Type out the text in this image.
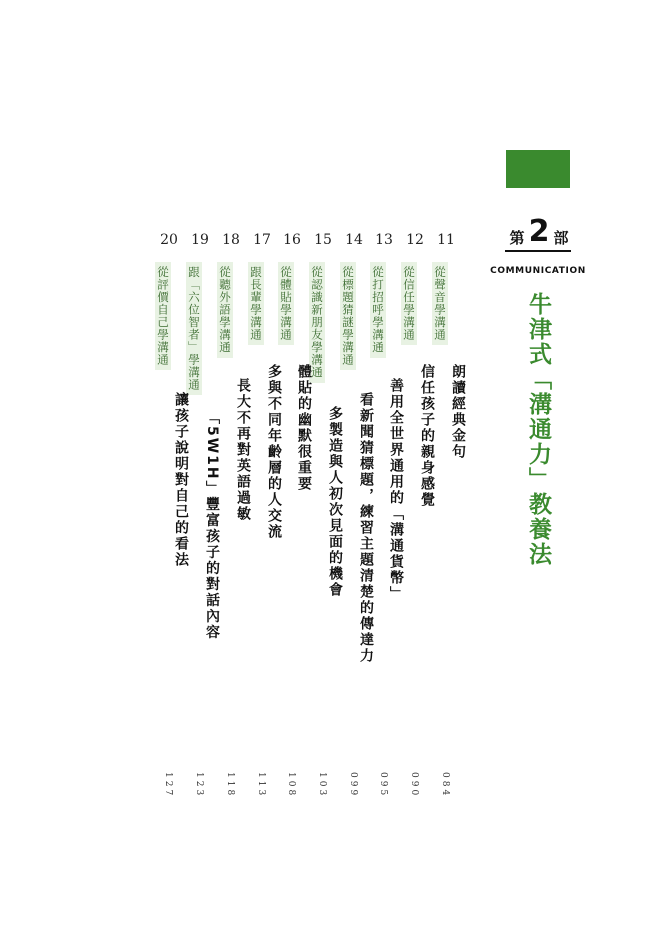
第 2 部
COMMUNICATION
牛津式「溝通力」教養法
11
從聲音學溝通
朗讀經典金句
084
12
從信任學溝通
信任孩子的親身感覺
090
13
從打招呼學溝通
善用全世界通用的「溝通貨幣」
095
14
從標題猜謎學溝通
看新聞猜標題，練習主題清楚的傳達力
099
15
從認識新朋友學溝通
多製造與人初次見面的機會
103
16
從體貼學溝通
體貼的幽默很重要
108
17
跟長輩學溝通
多與不同年齡層的人交流
113
18
從聽外語學溝通
長大不再對英語過敏
118
19
跟「六位智者」學溝通
「5W1H」豐富孩子的對話內容
123
20
從評價自己學溝通
讓孩子說明對自己的看法
127
